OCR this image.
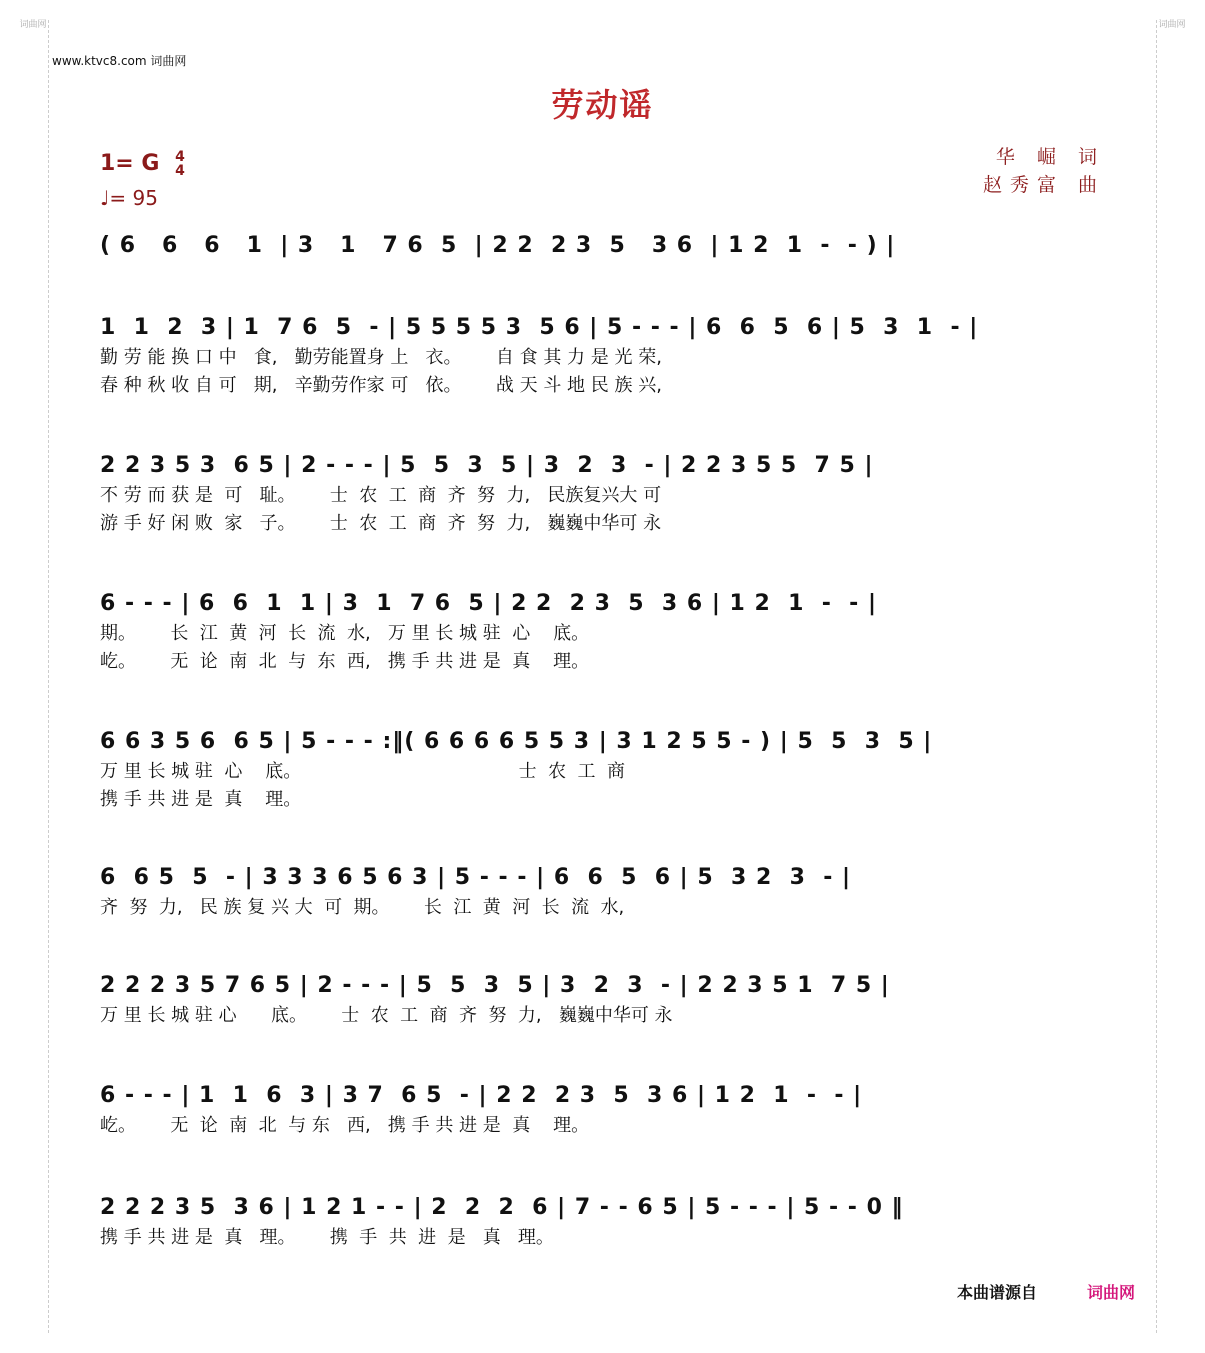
词曲网	词曲网
www.ktvc8.com 词曲网
劳动谣
1= G 4
4
♩= 95
华 崛 词
赵秀富 曲
( 6   6   6   1  | 3   1   7 6  5  | 2 2  2 3  5   3 6  | 1 2  1  -  - ) |
1  1  2  3 | 1  7 6  5  - | 5 5 5 5 3  5 6 | 5 - - - | 6  6  5  6 | 5  3  1  - |
勤 劳 能 换 口 中   食,   勤劳能置身 上   衣。      自 食 其 力 是 光 荣,
春 种 秋 收 自 可   期,   辛勤劳作家 可   依。      战 天 斗 地 民 族 兴,
2 2 3 5 3  6 5 | 2 - - - | 5  5  3  5 | 3  2  3  - | 2 2 3 5 5  7 5 |
不 劳 而 获 是  可   耻。      士  农  工  商  齐  努  力,   民族复兴大 可
游 手 好 闲 败  家   子。      士  农  工  商  齐  努  力,   巍巍中华可 永
6 - - - | 6  6  1  1 | 3  1  7 6  5 | 2 2  2 3  5  3 6 | 1 2  1  -  - |
期。      长  江  黄  河  长  流  水,   万 里 长 城 驻  心    底。
屹。      无  论  南  北  与  东  西,   携 手 共 进 是  真    理。
6 6 3 5 6  6 5 | 5 - - - :‖( 6 6 6 6 5 5 3 | 3 1 2 5 5 - ) | 5  5  3  5 |
万 里 长 城 驻  心    底。                                      士  农  工  商
携 手 共 进 是  真    理。
6  6 5  5  - | 3 3 3 6 5 6 3 | 5 - - - | 6  6  5  6 | 5  3 2  3  - |
齐  努  力,   民 族 复 兴 大  可  期。      长  江  黄  河  长  流  水,
2 2 2 3 5 7 6 5 | 2 - - - | 5  5  3  5 | 3  2  3  - | 2 2 3 5 1  7 5 |
万 里 长 城 驻 心      底。      士  农  工  商  齐  努  力,   巍巍中华可 永
6 - - - | 1  1  6  3 | 3 7  6 5  - | 2 2  2 3  5  3 6 | 1 2  1  -  - |
屹。      无  论  南  北  与 东   西,   携 手 共 进 是  真    理。
2 2 2 3 5  3 6 | 1 2 1 - - | 2  2  2  6 | 7 - - 6 5 | 5 - - - | 5 - - 0 ‖
携 手 共 进 是  真   理。      携  手  共  进  是   真   理。
本曲谱源自	词曲网
